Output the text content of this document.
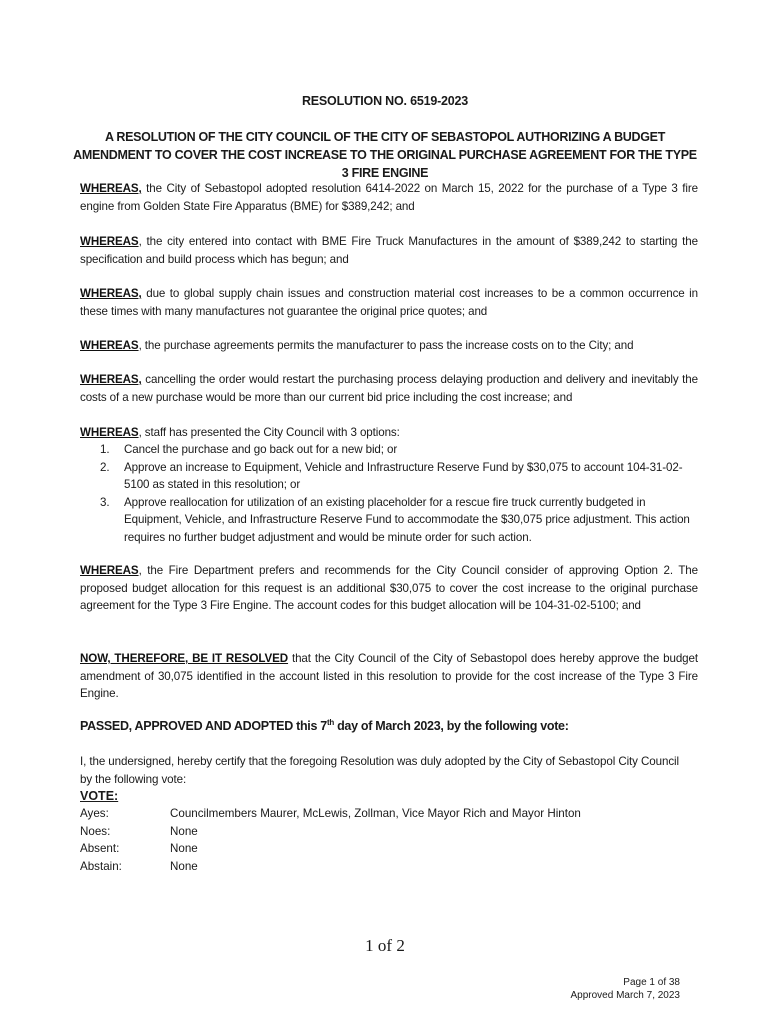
RESOLUTION NO. 6519-2023
A RESOLUTION OF THE CITY COUNCIL OF THE CITY OF SEBASTOPOL AUTHORIZING A BUDGET AMENDMENT TO COVER THE COST INCREASE TO THE ORIGINAL PURCHASE AGREEMENT FOR THE TYPE 3 FIRE ENGINE

WHEREAS, the City of Sebastopol adopted resolution 6414-2022 on March 15, 2022 for the purchase of a Type 3 fire engine from Golden State Fire Apparatus (BME) for $389,242; and

WHEREAS, the city entered into contact with BME Fire Truck Manufactures in the amount of $389,242 to starting the specification and build process which has begun; and

WHEREAS, due to global supply chain issues and construction material cost increases to be a common occurrence in these times with many manufactures not guarantee the original price quotes; and

WHEREAS, the purchase agreements permits the manufacturer to pass the increase costs on to the City; and

WHEREAS, cancelling the order would restart the purchasing process delaying production and delivery and inevitably the costs of a new purchase would be more than our current bid price including the cost increase; and

WHEREAS, staff has presented the City Council with 3 options:

1. Cancel the purchase and go back out for a new bid; or
2. Approve an increase to Equipment, Vehicle and Infrastructure Reserve Fund by $30,075 to account 104-31-02-5100 as stated in this resolution; or
3. Approve reallocation for utilization of an existing placeholder for a rescue fire truck currently budgeted in Equipment, Vehicle, and Infrastructure Reserve Fund to accommodate the $30,075 price adjustment. This action requires no further budget adjustment and would be minute order for such action.

WHEREAS, the Fire Department prefers and recommends for the City Council consider of approving Option 2. The proposed budget allocation for this request is an additional $30,075 to cover the cost increase to the original purchase agreement for the Type 3 Fire Engine. The account codes for this budget allocation will be 104-31-02-5100; and

NOW, THEREFORE, BE IT RESOLVED that the City Council of the City of Sebastopol does hereby approve the budget amendment of 30,075 identified in the account listed in this resolution to provide for the cost increase of the Type 3 Fire Engine.

PASSED, APPROVED AND ADOPTED this 7th day of March 2023, by the following vote:
I, the undersigned, hereby certify that the foregoing Resolution was duly adopted by the City of Sebastopol City Council by the following vote:
VOTE:
Ayes:	Councilmembers Maurer, McLewis, Zollman, Vice Mayor Rich and Mayor Hinton
Noes:	None
Absent:	None
Abstain:	None
1 of 2
Page 1 of 38
Approved March 7, 2023
